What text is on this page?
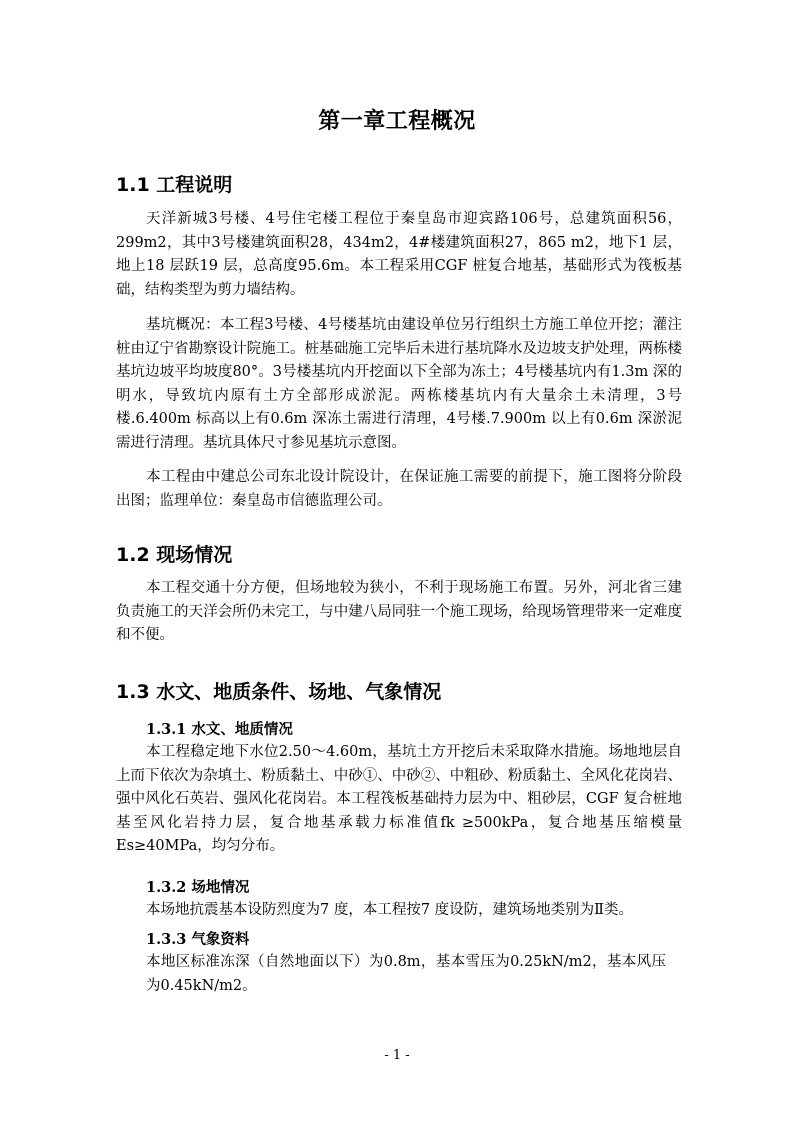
第一章工程概况
1.1 工程说明

天洋新城3号楼、4号住宅楼工程位于秦皇岛市迎宾路106号，总建筑面积56，299m2，其中3号楼建筑面积28，434m2，4#楼建筑面积27，865 m2，地下1 层，地上18 层跃19 层，总高度95.6m。本工程采用CGF 桩复合地基，基础形式为筏板基础，结构类型为剪力墙结构。

基坑概况：本工程3号楼、4号楼基坑由建设单位另行组织土方施工单位开挖；灌注桩由辽宁省勘察设计院施工。桩基础施工完毕后未进行基坑降水及边坡支护处理，两栋楼基坑边坡平均坡度80°。3号楼基坑内开挖面以下全部为冻土；4号楼基坑内有1.3m 深的明水，导致坑内原有土方全部形成淤泥。两栋楼基坑内有大量余土未清理，3号楼.6.400m 标高以上有0.6m 深冻土需进行清理，4号楼.7.900m 以上有0.6m 深淤泥需进行清理。基坑具体尺寸参见基坑示意图。

本工程由中建总公司东北设计院设计，在保证施工需要的前提下，施工图将分阶段出图；监理单位：秦皇岛市信德监理公司。

1.2 现场情况

本工程交通十分方便，但场地较为狭小，不利于现场施工布置。另外，河北省三建负责施工的天洋会所仍未完工，与中建八局同驻一个施工现场，给现场管理带来一定难度和不便。

1.3 水文、地质条件、场地、气象情况
1.3.1 水文、地质情况

本工程稳定地下水位2.50～4.60m，基坑土方开挖后未采取降水措施。场地地层自上而下依次为杂填土、粉质黏土、中砂①、中砂②、中粗砂、粉质黏土、全风化花岗岩、强中风化石英岩、强风化花岗岩。本工程筏板基础持力层为中、粗砂层，CGF 复合桩地基至风化岩持力层，复合地基承载力标准值fk ≥500kPa，复合地基压缩模量Es≥40MPa，均匀分布。

1.3.2 场地情况

本场地抗震基本设防烈度为7 度，本工程按7 度设防，建筑场地类别为Ⅱ类。

1.3.3 气象资料

本地区标准冻深（自然地面以下）为0.8m，基本雪压为0.25kN/m2，基本风压为0.45kN/m2。

- 1 -
